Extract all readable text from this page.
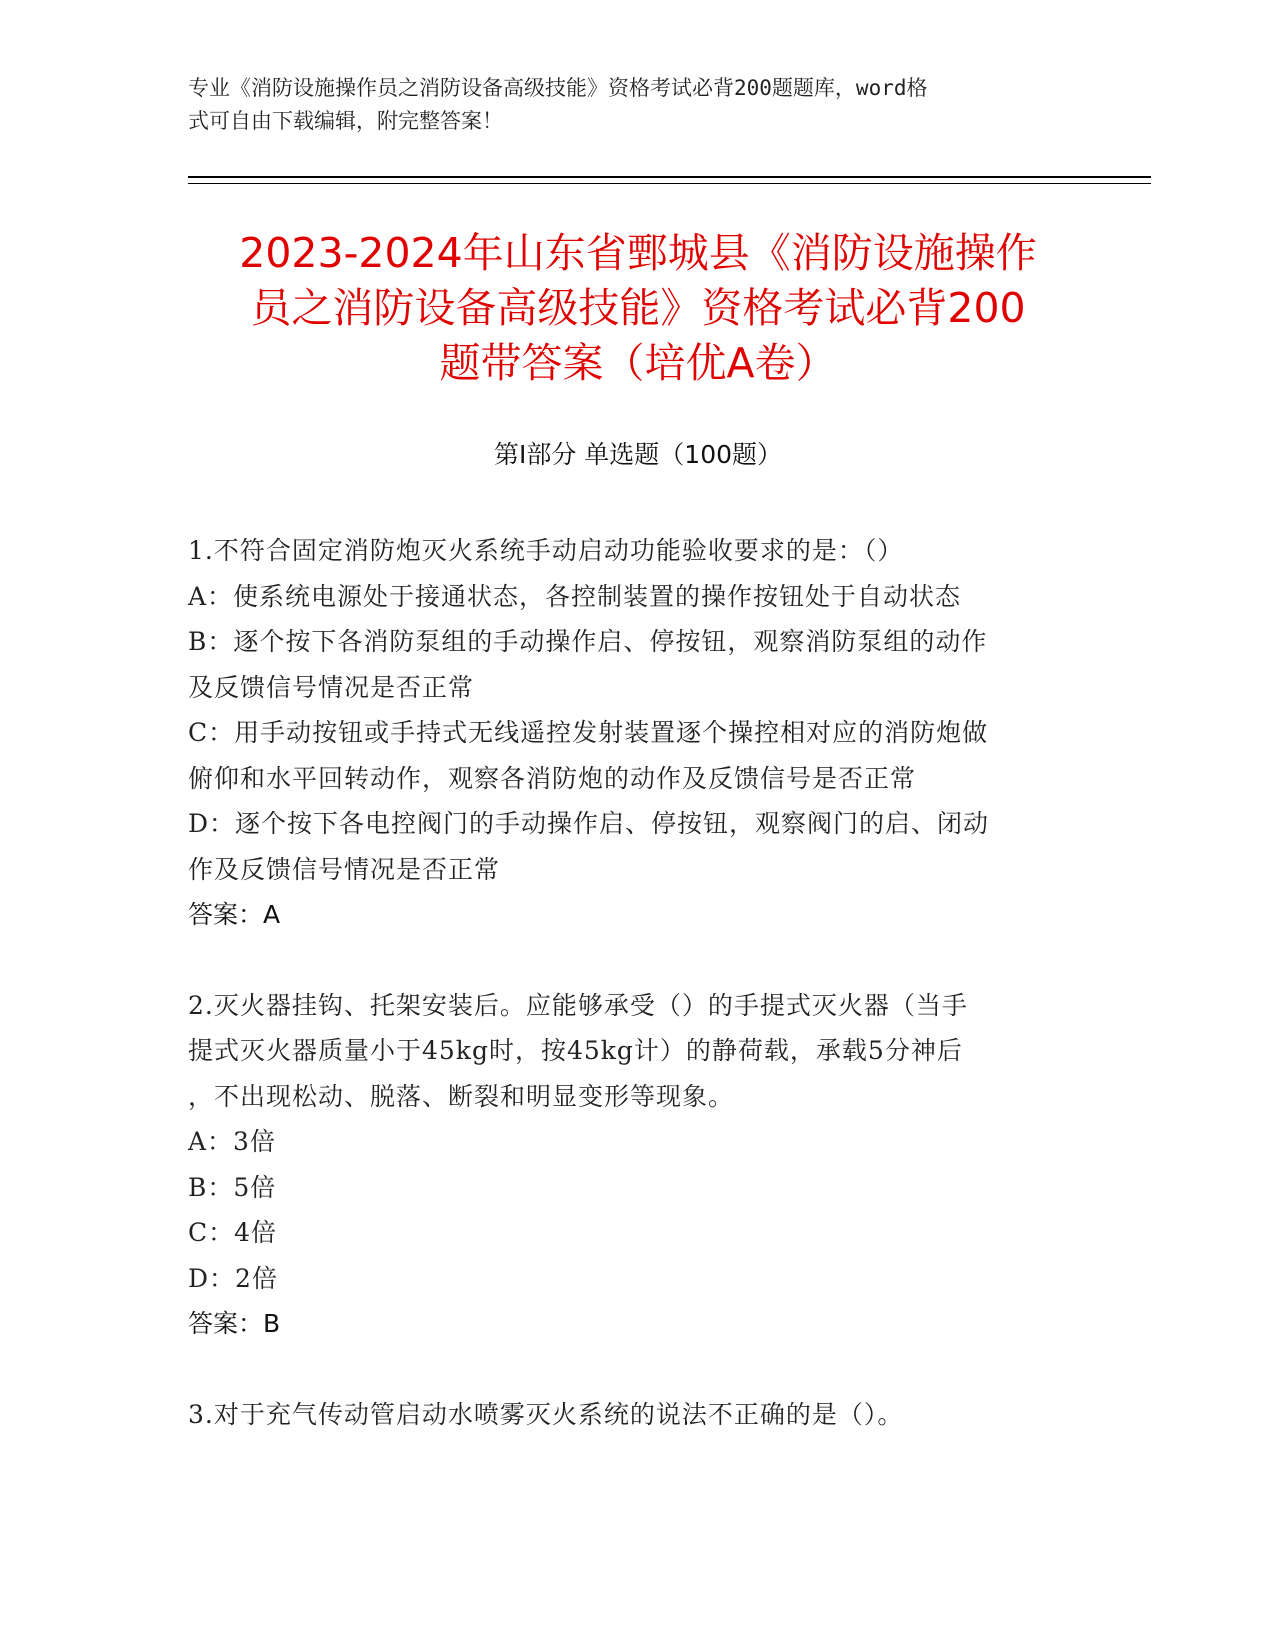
专业《消防设施操作员之消防设备高级技能》资格考试必背200题题库，word格
式可自由下载编辑，附完整答案！
2023-2024年山东省鄄城县《消防设施操作
员之消防设备高级技能》资格考试必背200
题带答案（培优A卷）
第Ⅰ部分 单选题（100题）

1.不符合固定消防炮灭火系统手动启动功能验收要求的是：（）

A：使系统电源处于接通状态，各控制装置的操作按钮处于自动状态

B：逐个按下各消防泵组的手动操作启、停按钮，观察消防泵组的动作

及反馈信号情况是否正常

C：用手动按钮或手持式无线遥控发射装置逐个操控相对应的消防炮做

俯仰和水平回转动作，观察各消防炮的动作及反馈信号是否正常

D：逐个按下各电控阀门的手动操作启、停按钮，观察阀门的启、闭动

作及反馈信号情况是否正常

答案：A

2.灭火器挂钩、托架安装后。应能够承受（）的手提式灭火器（当手

提式灭火器质量小于45kg时，按45kg计）的静荷载，承载5分神后

，不出现松动、脱落、断裂和明显变形等现象。

A：3倍

B：5倍

C：4倍

D：2倍

答案：B

3.对于充气传动管启动水喷雾灭火系统的说法不正确的是（）。
